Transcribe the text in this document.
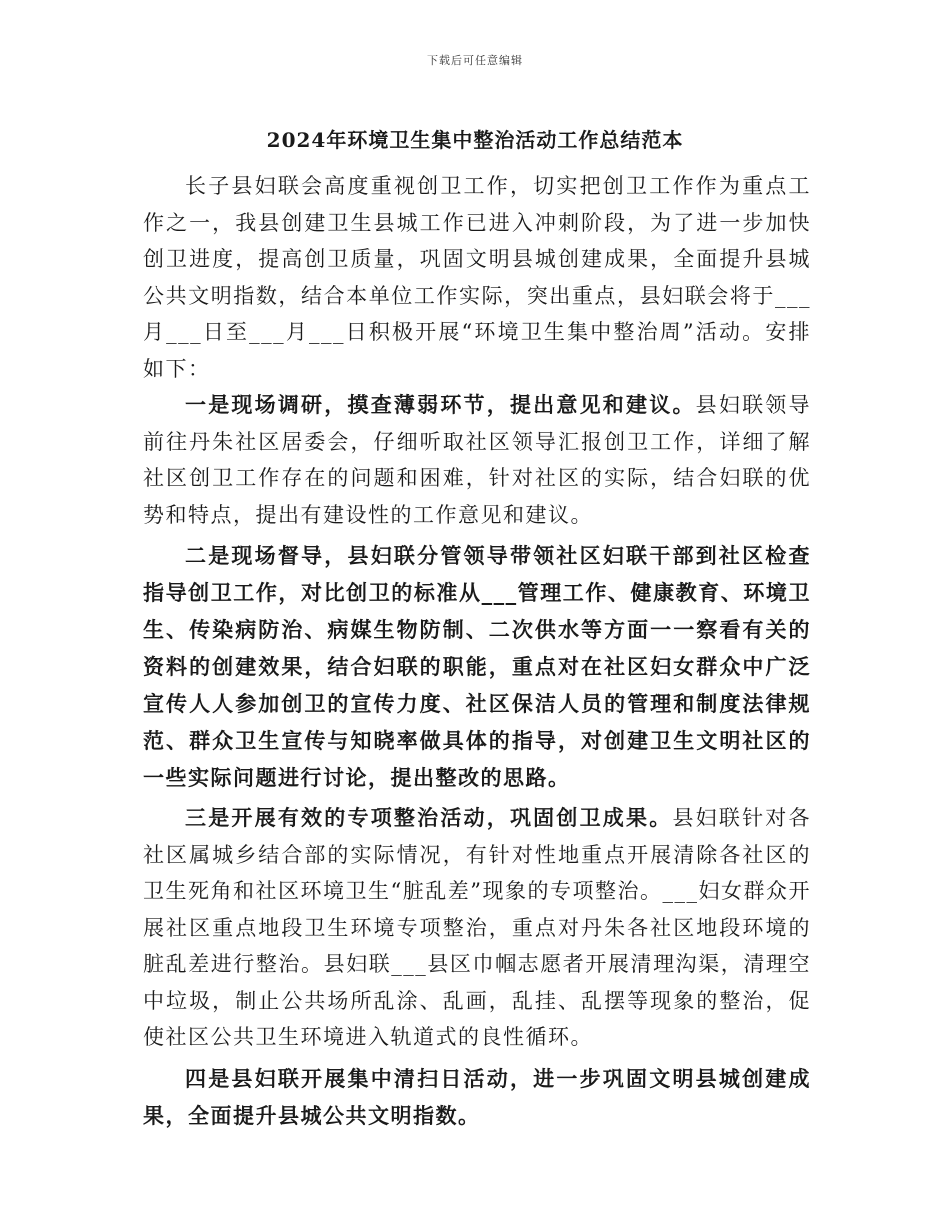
下载后可任意编辑
2024年环境卫生集中整治活动工作总结范本

长子县妇联会高度重视创卫工作，切实把创卫工作作为重点工作之一，我县创建卫生县城工作已进入冲刺阶段，为了进一步加快创卫进度，提高创卫质量，巩固文明县城创建成果，全面提升县城公共文明指数，结合本单位工作实际，突出重点，县妇联会将于___月___日至___月___日积极开展“环境卫生集中整治周”活动。安排如下：

一是现场调研，摸查薄弱环节，提出意见和建议。县妇联领导前往丹朱社区居委会，仔细听取社区领导汇报创卫工作，详细了解社区创卫工作存在的问题和困难，针对社区的实际，结合妇联的优势和特点，提出有建设性的工作意见和建议。

二是现场督导，县妇联分管领导带领社区妇联干部到社区检查指导创卫工作，对比创卫的标准从___管理工作、健康教育、环境卫生、传染病防治、病媒生物防制、二次供水等方面一一察看有关的资料的创建效果，结合妇联的职能，重点对在社区妇女群众中广泛宣传人人参加创卫的宣传力度、社区保洁人员的管理和制度法律规范、群众卫生宣传与知晓率做具体的指导，对创建卫生文明社区的一些实际问题进行讨论，提出整改的思路。

三是开展有效的专项整治活动，巩固创卫成果。县妇联针对各社区属城乡结合部的实际情况，有针对性地重点开展清除各社区的卫生死角和社区环境卫生“脏乱差”现象的专项整治。___妇女群众开展社区重点地段卫生环境专项整治，重点对丹朱各社区地段环境的脏乱差进行整治。县妇联___县区巾帼志愿者开展清理沟渠，清理空中垃圾，制止公共场所乱涂、乱画，乱挂、乱摆等现象的整治，促使社区公共卫生环境进入轨道式的良性循环。

四是县妇联开展集中清扫日活动，进一步巩固文明县城创建成果，全面提升县城公共文明指数。
